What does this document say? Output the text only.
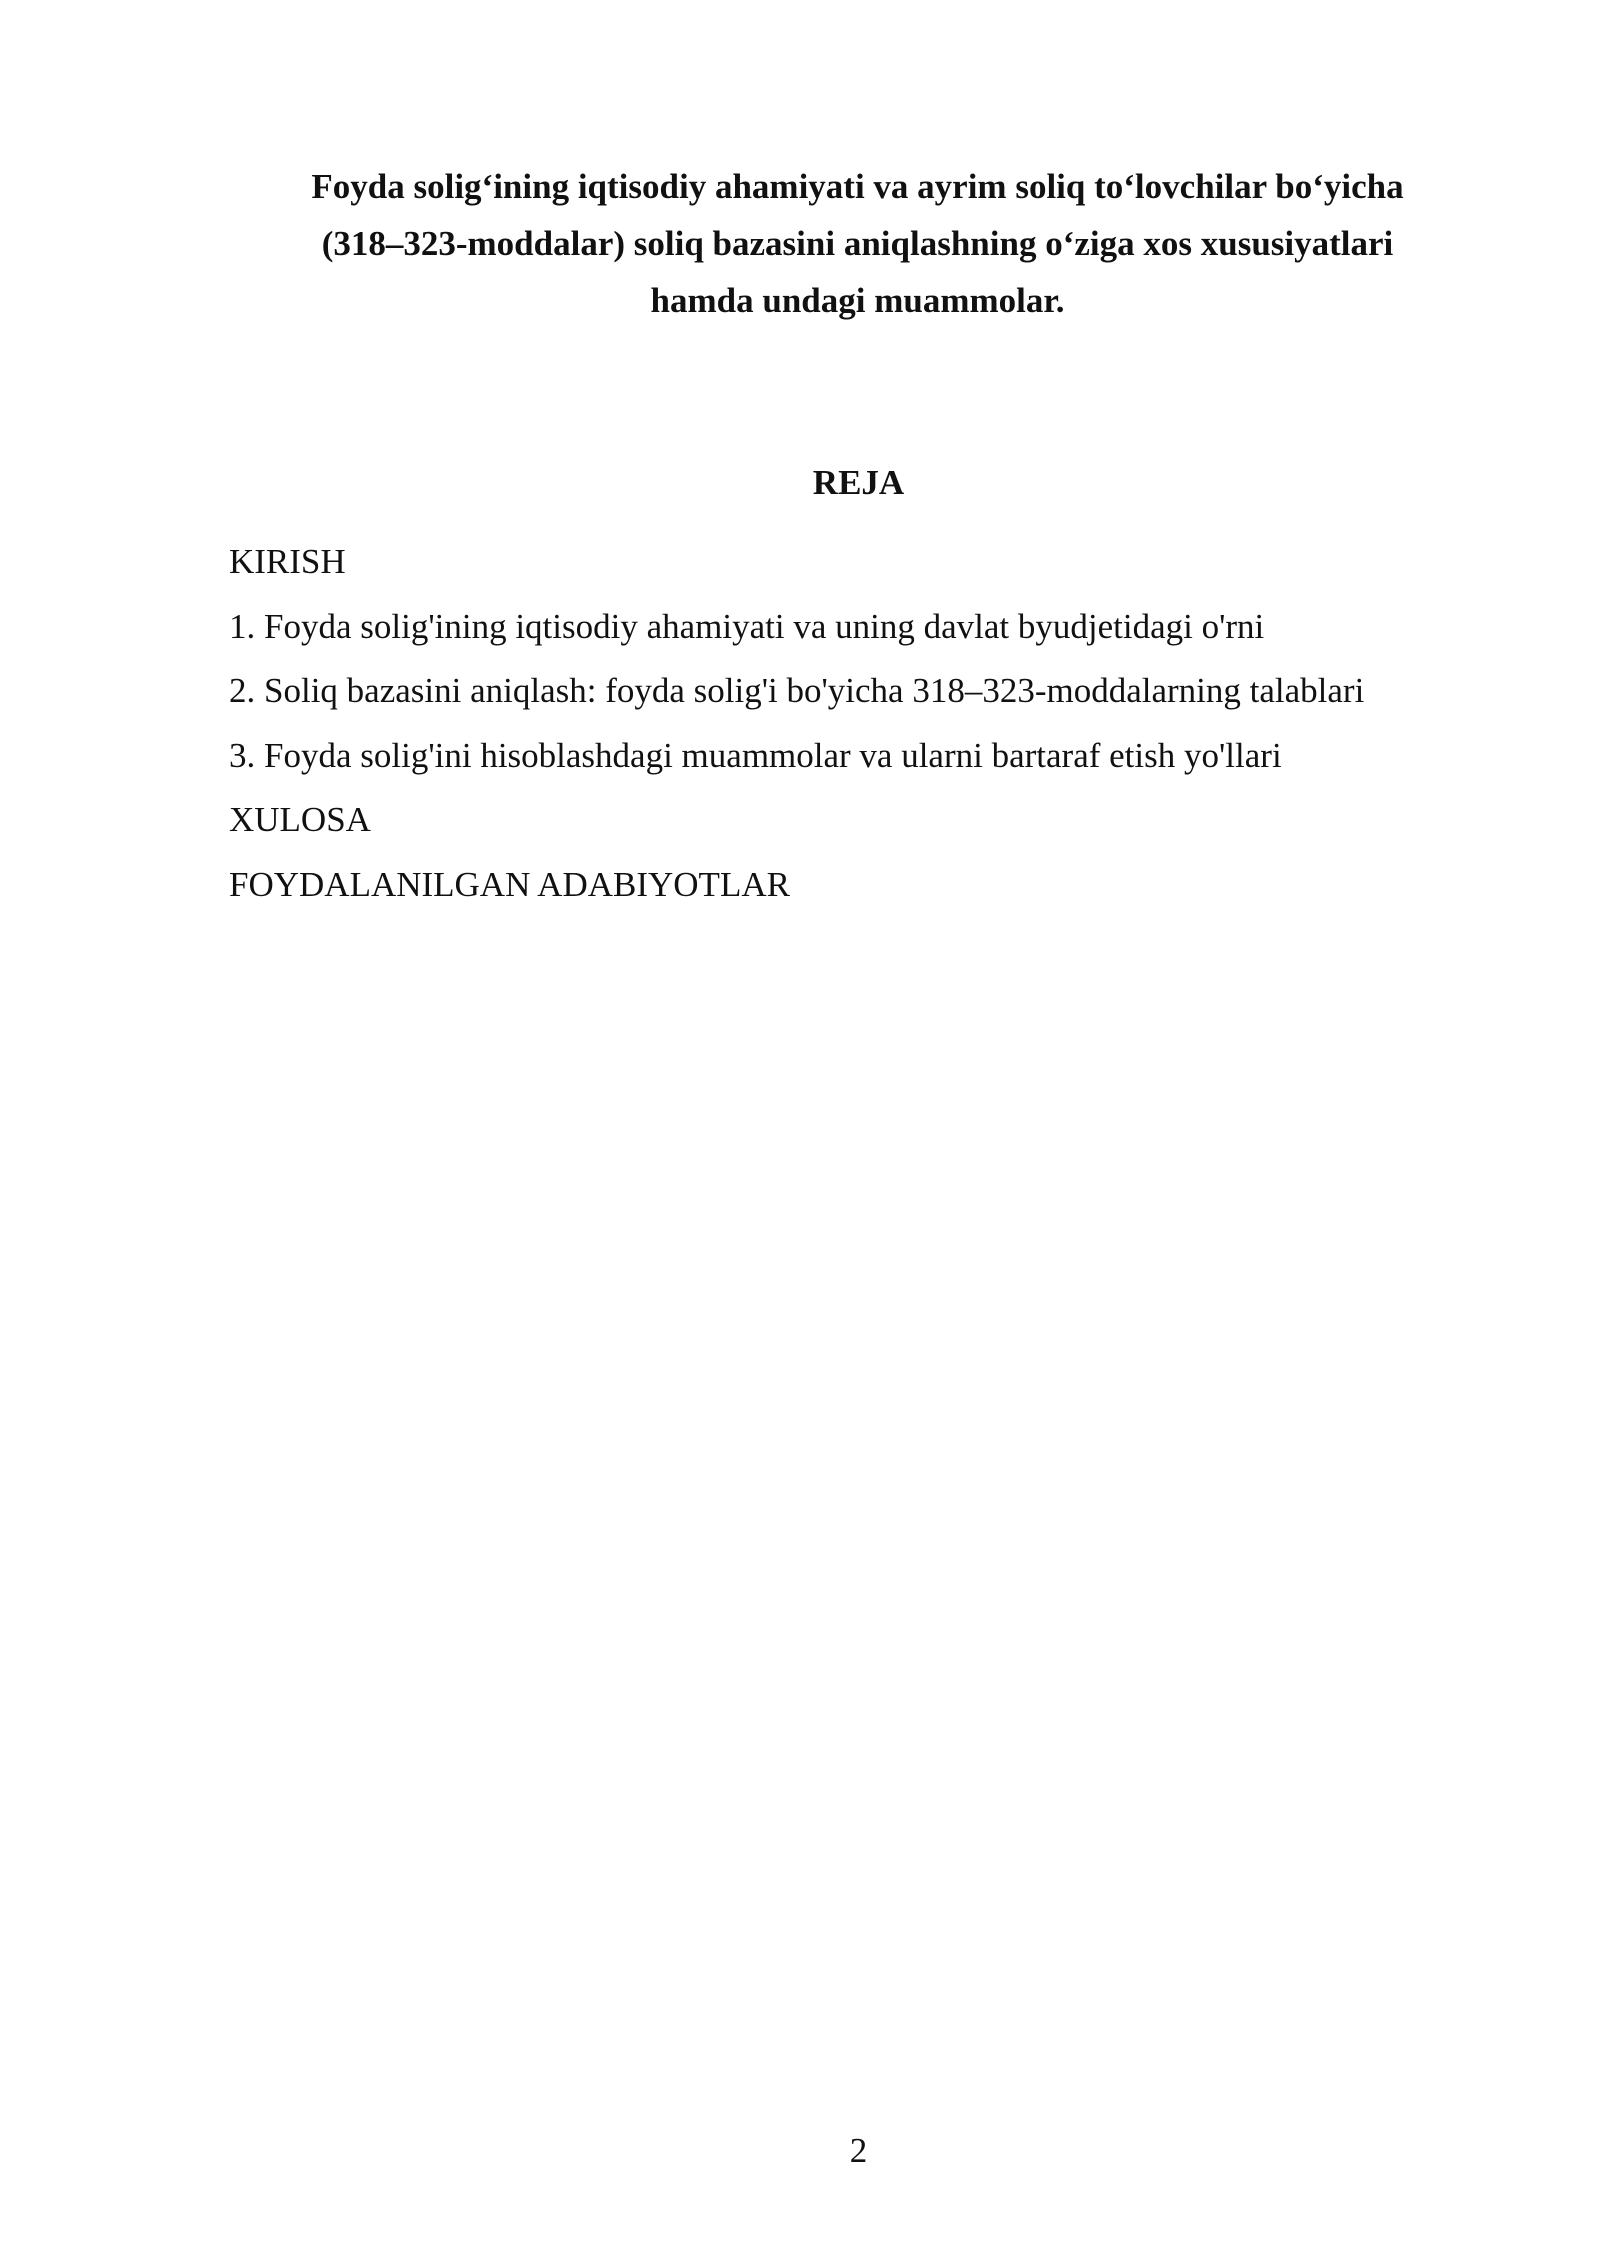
Foyda solig‘ining iqtisodiy ahamiyati va ayrim soliq to‘lovchilar bo‘yicha
(318–323-moddalar) soliq bazasini aniqlashning o‘ziga xos xususiyatlari
hamda undagi muammolar.
REJA
KIRISH
1. Foyda solig'ining iqtisodiy ahamiyati va uning davlat byudjetidagi o'rni
2. Soliq bazasini aniqlash: foyda solig'i bo'yicha 318–323-moddalarning talablari
3. Foyda solig'ini hisoblashdagi muammolar va ularni bartaraf etish yo'llari
XULOSA
FOYDALANILGAN ADABIYOTLAR
2
